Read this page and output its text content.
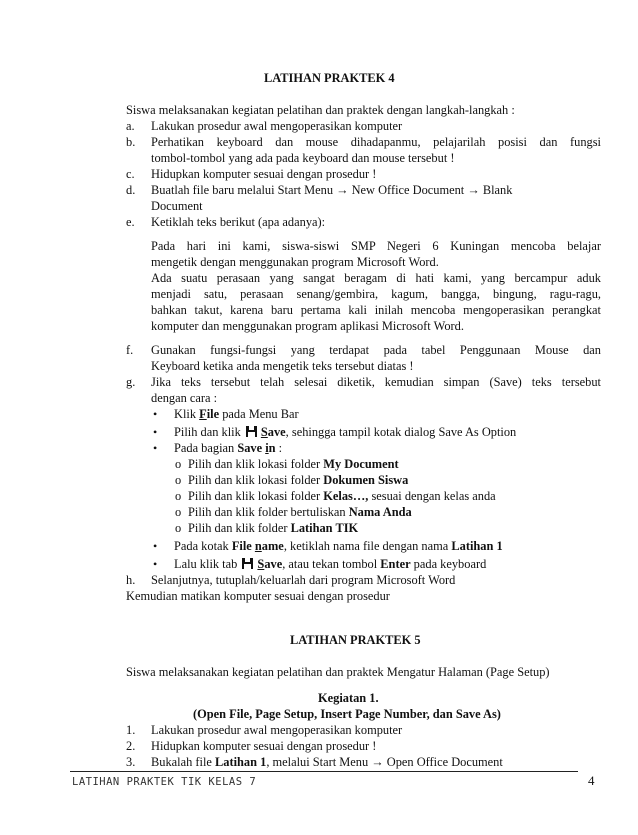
LATIHAN PRAKTEK 4
Siswa melaksanakan kegiatan pelatihan dan praktek dengan langkah-langkah :
a. Lakukan prosedur awal mengoperasikan komputer
b. Perhatikan keyboard dan mouse dihadapanmu, pelajarilah posisi dan fungsi
tombol-tombol yang ada pada keyboard dan mouse tersebut !
c. Hidupkan komputer sesuai dengan prosedur !
d. Buatlah file baru melalui Start Menu → New Office Document → Blank
Document
e. Ketiklah teks berikut (apa adanya):
Pada hari ini kami, siswa-siswi SMP Negeri 6 Kuningan mencoba belajar
mengetik dengan menggunakan program Microsoft Word.
Ada suatu perasaan yang sangat beragam di hati kami, yang bercampur aduk
menjadi satu, perasaan senang/gembira, kagum, bangga, bingung, ragu-ragu,
bahkan takut, karena baru pertama kali inilah mencoba mengoperasikan perangkat
komputer dan menggunakan program aplikasi Microsoft Word.
f. Gunakan fungsi-fungsi yang terdapat pada tabel Penggunaan Mouse dan
Keyboard ketika anda mengetik teks tersebut diatas !
g. Jika teks tersebut telah selesai diketik, kemudian simpan (Save) teks tersebut
dengan cara :
• Klik File pada Menu Bar
• Pilih dan klik Save, sehingga tampil kotak dialog Save As Option
• Pada bagian Save in :
o Pilih dan klik lokasi folder My Document
o Pilih dan klik lokasi folder Dokumen Siswa
o Pilih dan klik lokasi folder Kelas…, sesuai dengan kelas anda
o Pilih dan klik folder bertuliskan Nama Anda
o Pilih dan klik folder Latihan TIK
• Pada kotak File name, ketiklah nama file dengan nama Latihan 1
• Lalu klik tab Save, atau tekan tombol Enter pada keyboard
h. Selanjutnya, tutuplah/keluarlah dari program Microsoft Word
Kemudian matikan komputer sesuai dengan prosedur
LATIHAN PRAKTEK 5
Siswa melaksanakan kegiatan pelatihan dan praktek Mengatur Halaman (Page Setup)
Kegiatan 1.
(Open File, Page Setup, Insert Page Number, dan Save As)
1. Lakukan prosedur awal mengoperasikan komputer
2. Hidupkan komputer sesuai dengan prosedur !
3. Bukalah file Latihan 1, melalui Start Menu → Open Office Document
LATIHAN PRAKTEK TIK KELAS 7	4
